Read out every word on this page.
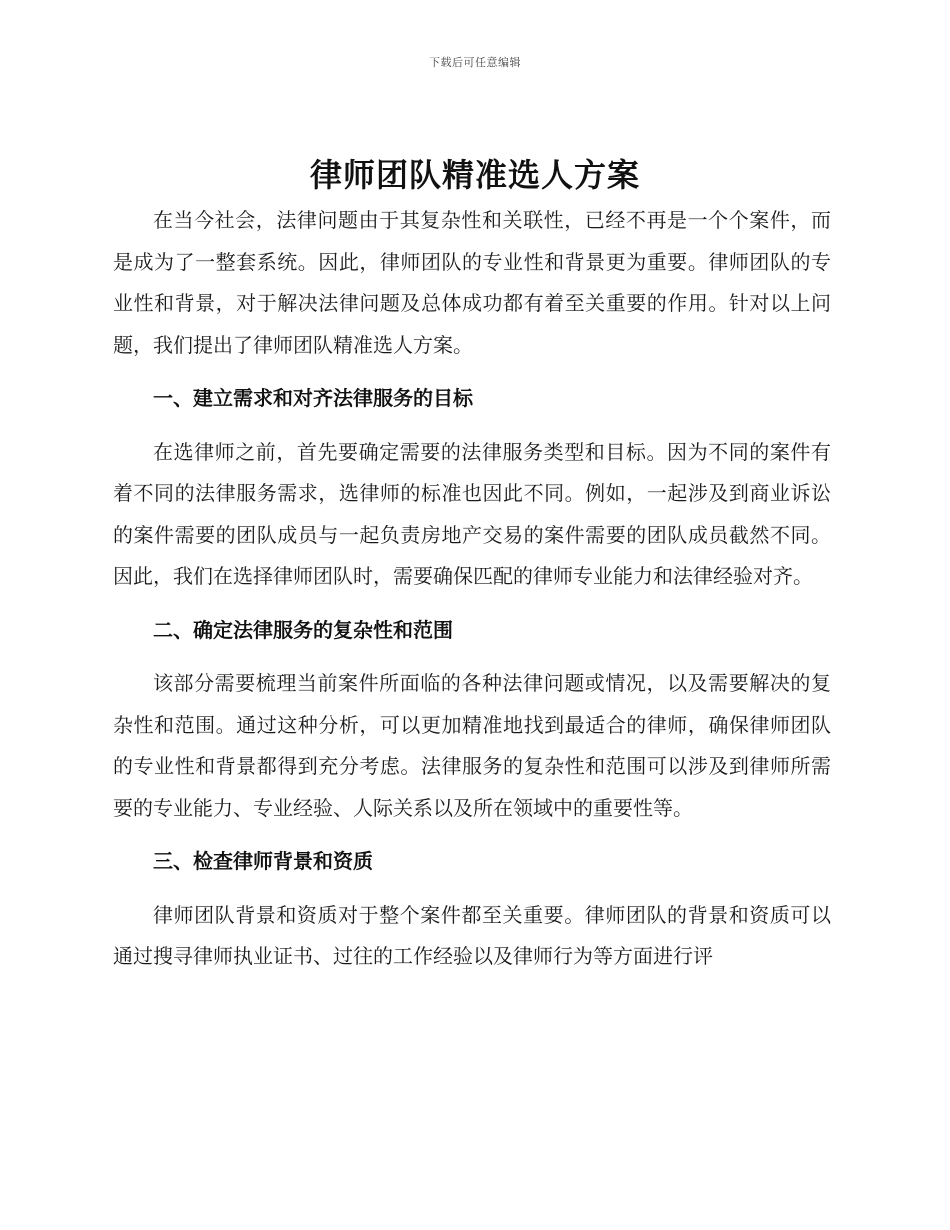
下载后可任意编辑
律师团队精准选人方案

在当今社会，法律问题由于其复杂性和关联性，已经不再是一个个案件，而是成为了一整套系统。因此，律师团队的专业性和背景更为重要。律师团队的专业性和背景，对于解决法律问题及总体成功都有着至关重要的作用。针对以上问题，我们提出了律师团队精准选人方案。

一、建立需求和对齐法律服务的目标

在选律师之前，首先要确定需要的法律服务类型和目标。因为不同的案件有着不同的法律服务需求，选律师的标准也因此不同。例如，一起涉及到商业诉讼的案件需要的团队成员与一起负责房地产交易的案件需要的团队成员截然不同。因此，我们在选择律师团队时，需要确保匹配的律师专业能力和法律经验对齐。

二、确定法律服务的复杂性和范围

该部分需要梳理当前案件所面临的各种法律问题或情况，以及需要解决的复杂性和范围。通过这种分析，可以更加精准地找到最适合的律师，确保律师团队的专业性和背景都得到充分考虑。法律服务的复杂性和范围可以涉及到律师所需要的专业能力、专业经验、人际关系以及所在领域中的重要性等。

三、检查律师背景和资质

律师团队背景和资质对于整个案件都至关重要。律师团队的背景和资质可以通过搜寻律师执业证书、过往的工作经验以及律师行为等方面进行评
